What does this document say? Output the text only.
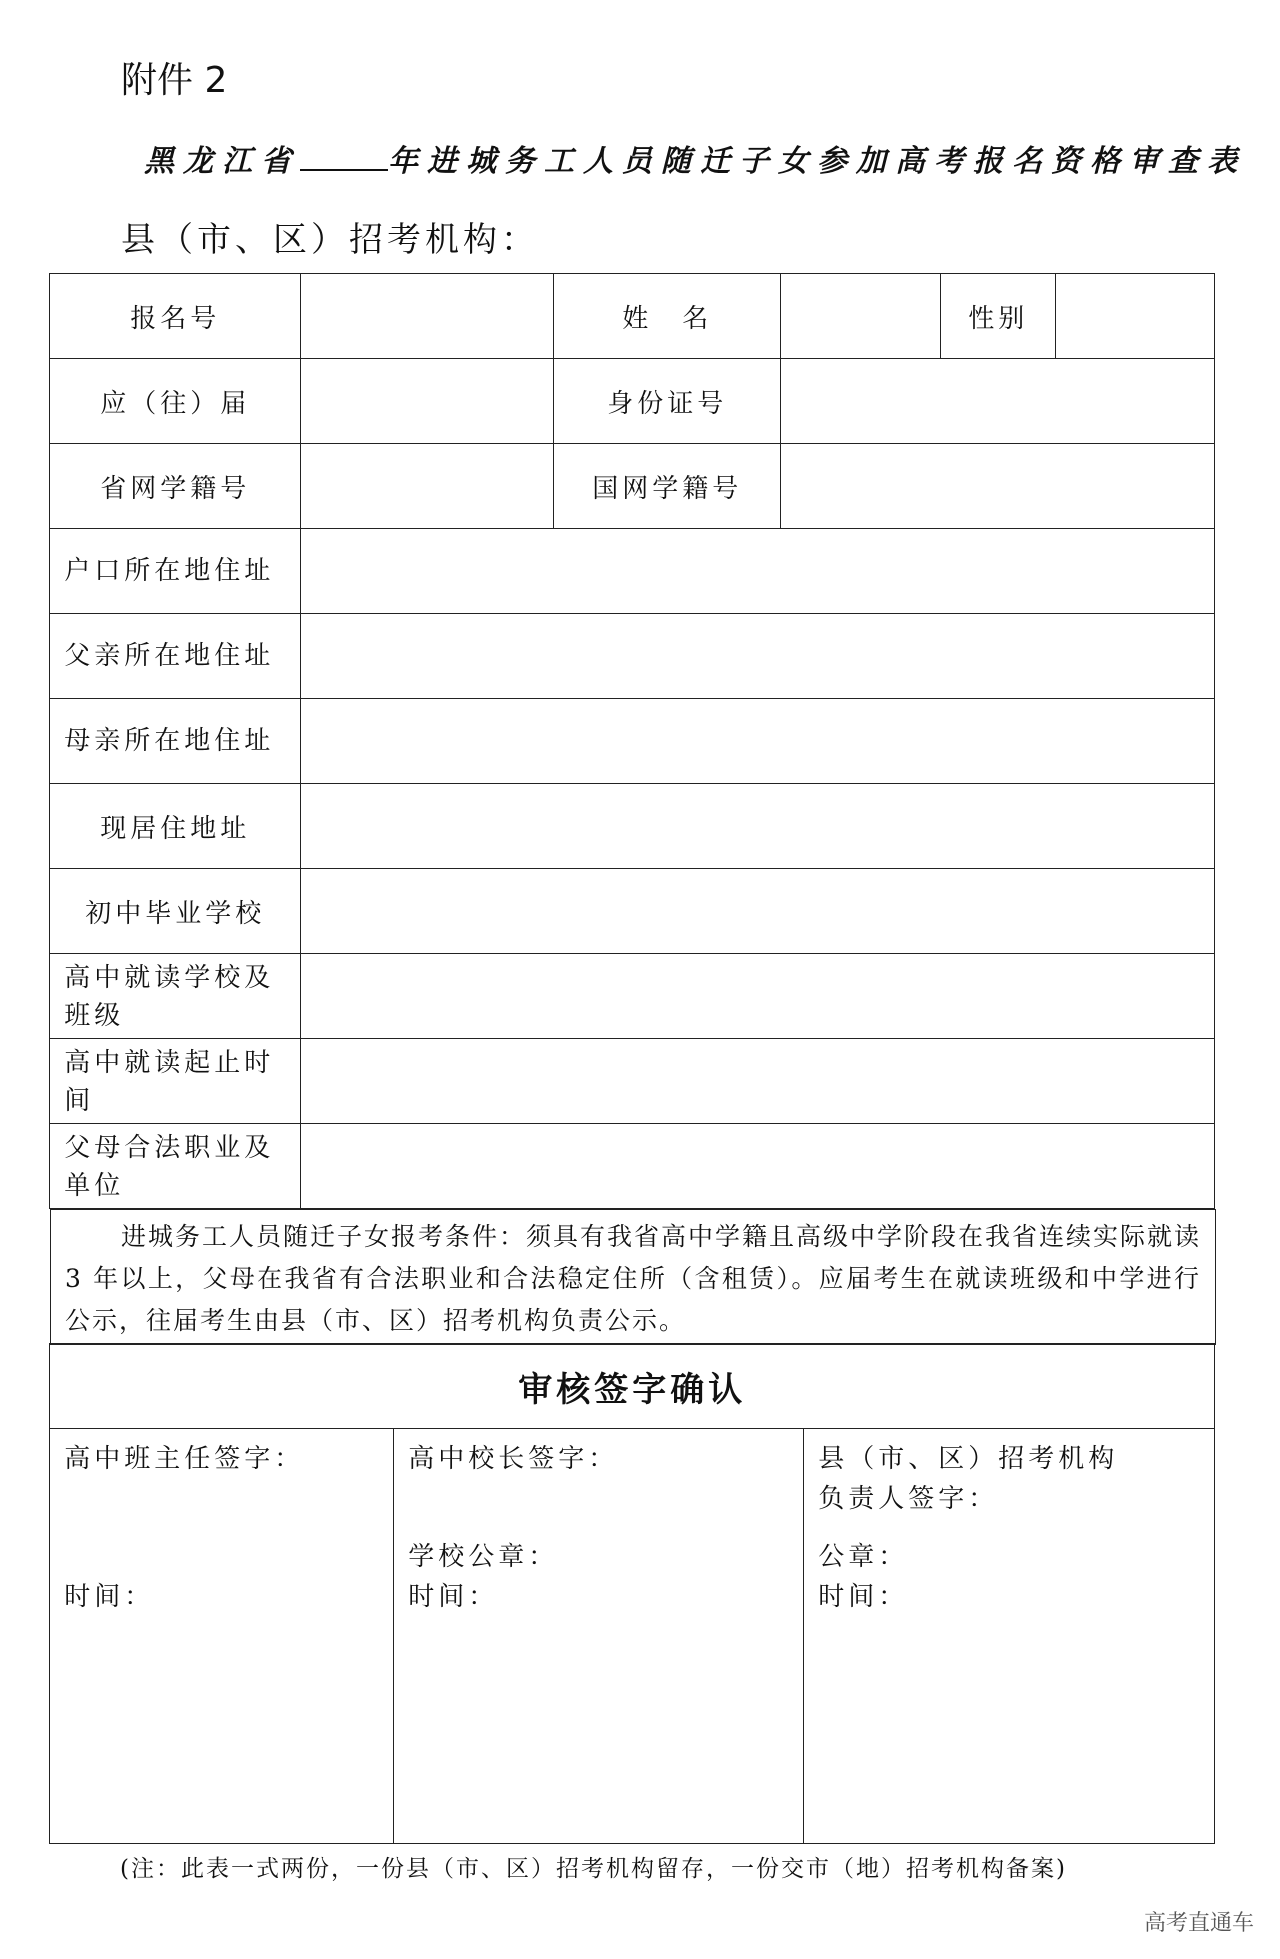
附件 2
黑龙江省	年进城务工人员随迁子女参加高考报名资格审查表
县（市、区）招考机构：
报名号	姓　名	性别
应（往）届	身份证号
省网学籍号	国网学籍号
户口所在地住址
父亲所在地住址
母亲所在地住址
现居住地址
初中毕业学校
高中就读学校及班级
高中就读起止时间
父母合法职业及单位
进城务工人员随迁子女报考条件：须具有我省高中学籍且高级中学阶段在我省连续实际就读 3 年以上，父母在我省有合法职业和合法稳定住所（含租赁）。应届考生在就读班级和中学进行公示，往届考生由县（市、区）招考机构负责公示。
审核签字确认
高中班主任签字：
时间：
高中校长签字：
学校公章：
时间：
县（市、区）招考机构
负责人签字：
公章：
时间：
(注：此表一式两份，一份县（市、区）招考机构留存，一份交市（地）招考机构备案)
高考直通车
